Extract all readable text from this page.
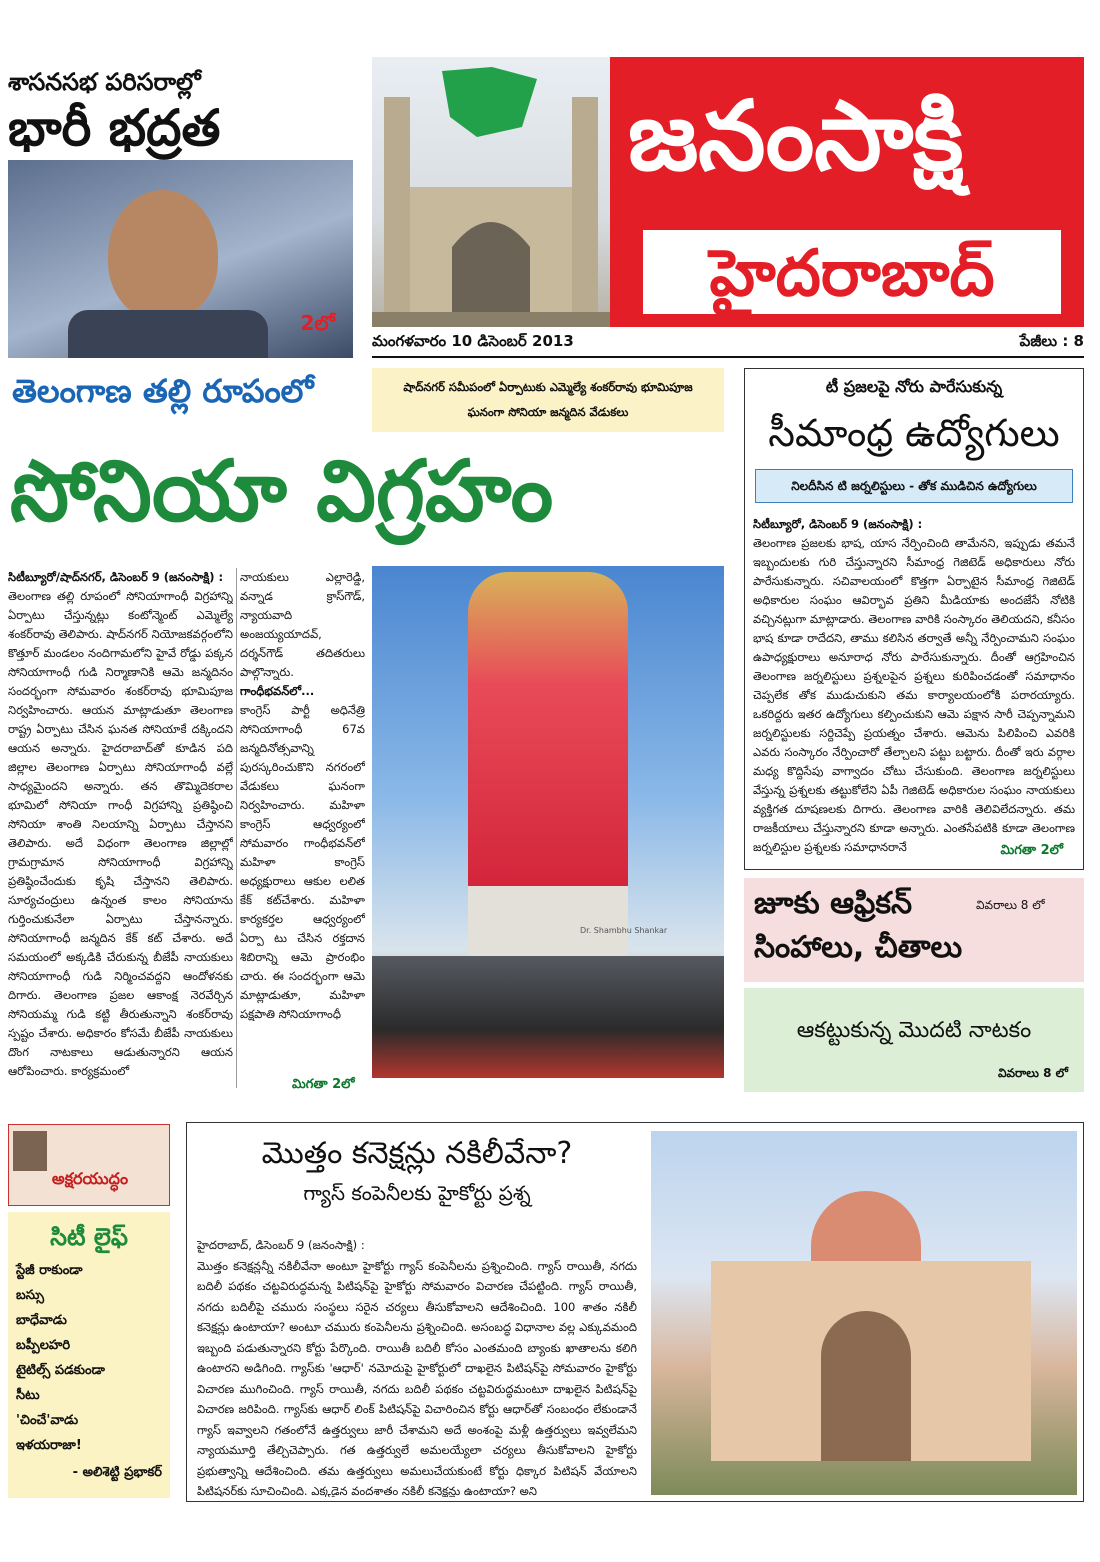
శాసనసభ పరిసరాల్లో
భారీ భద్రత
2లో
జనంసాక్షి
హైదరాబాద్
మంగళవారం 10 డిసెంబర్ 2013	పేజీలు : 8
తెలంగాణ తల్లి రూపంలో	షాద్‌నగర్ సమీపంలో ఏర్పాటుకు ఎమ్మెల్యే శంకర్‌రావు భూమిపూజ
ఘనంగా సోనియా జన్మదిన వేడుకలు
సోనియా విగ్రహం

సిటీబ్యూరో/షాద్‌నగర్, డిసెంబర్ 9 (జనంసాక్షి) :

తెలంగాణ తల్లి రూపంలో సోనియాగాంధీ విగ్రహాన్ని ఏర్పాటు చేస్తున్నట్లు కంటోన్మెంట్ ఎమ్మెల్యే శంకర్‌రావు తెలిపారు. షాద్‌నగర్ నియోజకవర్గంలోని కొత్తూర్ మండలం నందిగామలోని హైవే రోడ్డు పక్కన సోనియాగాంధీ గుడి నిర్మాణానికి ఆమె జన్మదినం సందర్భంగా సోమవారం శంకర్‌రావు భూమిపూజ నిర్వహించారు. ఆయన మాట్లాడుతూ తెలంగాణ రాష్ట్ర ఏర్పాటు చేసిన ఘనత సోనియాకే దక్కిందని ఆయన అన్నారు. హైదరాబాద్‌తో కూడిన పది జిల్లాల తెలంగాణ ఏర్పాటు సోనియాగాంధీ వల్లే సాధ్యమైందని అన్నారు. తన తొమ్మిదెకరాల భూమిలో సోనియా గాంధీ విగ్రహాన్ని ప్రతిష్ఠించి సోనియా శాంతి నిలయాన్ని ఏర్పాటు చేస్తానని తెలిపారు. అదే విధంగా తెలంగాణ జిల్లాల్లో గ్రామగ్రామాన సోనియాగాంధీ విగ్రహాన్ని ప్రతిష్ఠించేందుకు కృషి చేస్తానని తెలిపారు. సూర్యచంద్రులు ఉన్నంత కాలం సోనియాను గుర్తించుకునేలా ఏర్పాటు చేస్తానన్నారు. సోనియాగాంధీ జన్మదిన కేక్ కట్ చేశారు. అదే సమయంలో అక్కడికి చేరుకున్న బీజేపీ నాయకులు సోనియాగాంధీ గుడి నిర్మించవద్దని ఆందోళనకు దిగారు. తెలంగాణ ప్రజల ఆకాంక్ష నెరవేర్చిన సోనియమ్మ గుడి కట్టి తీరుతున్నాని శంకర్‌రావు స్పష్టం చేశారు. అధికారం కోసమే బీజేపీ నాయకులు దొంగ నాటకాలు ఆడుతున్నారని ఆయన ఆరోపించారు. కార్యక్రమంలో

నాయకులు ఎల్లారెడ్డి, వన్నాడ క్రాస్‌గౌడ్, న్యాయవాది అంజయ్యయాదవ్, దర్శన్‌గౌడ్ తదితరులు పాల్గొన్నారు.

గాంధీభవన్‌లో...

కాంగ్రెస్ పార్టీ అధినేత్రి సోనియాగాంధీ 67వ జన్మదినోత్సవాన్ని పురస్కరించుకొని నగరంలో వేడుకలు ఘనంగా నిర్వహించారు. మహిళా కాంగ్రెస్ ఆధ్వర్యంలో సోమవారం గాంధీభవన్‌లో మహిళా కాంగ్రెస్ అధ్యక్షురాలు ఆకుల లలిత కేక్ కట్‌చేశారు. మహిళా కార్యకర్తల ఆధ్వర్యంలో ఏర్పా టు చేసిన రక్తదాన శిబిరాన్ని ఆమె ప్రారంభిం చారు. ఈ సందర్భంగా ఆమె మాట్లాడుతూ, మహిళా పక్షపాతి సోనియాగాంధీ

Dr. Shambhu Shankar
మిగతా 2లో
టీ ప్రజలపై నోరు పారేసుకున్న
సీమాంధ్ర ఉద్యోగులు
నిలదీసిన టి జర్నలిస్టులు - తోక ముడిచిన ఉద్యోగులు

సిటీబ్యూరో, డిసెంబర్ 9 (జనంసాక్షి) :

తెలంగాణ ప్రజలకు భాష, యాస నేర్పించింది తామేనని, ఇప్పుడు తమనే ఇబ్బందులకు గురి చేస్తున్నారని సీమాంధ్ర గెజిటెడ్ అధికారులు నోరు పారేసుకున్నారు. సచివాలయంలో కొత్తగా ఏర్పాటైన సీమాంధ్ర గెజిటెడ్ అధికారుల సంఘం ఆవిర్భావ ప్రతిని మీడియాకు అందజేసే నోటికి వచ్చినట్లుగా మాట్లాడారు. తెలంగాణ వారికి సంస్కారం తెలియదని, కనీసం భాష కూడా రాదేదని, తాము కలిసిన తర్వాతే అన్నీ నేర్పించామని సంఘం ఉపాధ్యక్షురాలు అనూరాధ నోరు పారేసుకున్నారు. దీంతో ఆగ్రహించిన తెలంగాణ జర్నలిస్టులు ప్రశ్నలపైన ప్రశ్నలు కురిపించడంతో సమాధానం చెప్పలేక తోక ముడుచుకుని తమ కార్యాలయంలోకి పరారయ్యారు. ఒకరిద్దరు ఇతర ఉద్యోగులు కల్పించుకుని ఆమె పక్షాన సారీ చెప్పన్నామని జర్నలిస్టులకు సర్దిచెప్పే ప్రయత్నం చేశారు. ఆమెను పిలిపించి ఎవరికి ఎవరు సంస్కారం నేర్పించారో తేల్చాలని పట్టు బట్టారు. దీంతో ఇరు వర్గాల మధ్య కొద్దిసేపు వాగ్వాదం చోటు చేసుకుంది. తెలంగాణ జర్నలిస్టులు వేస్తున్న ప్రశ్నలకు తట్టుకోలేని ఏపీ గెజిటెడ్ అధికారుల సంఘం నాయకులు వ్యక్తిగత దూషణలకు దిగారు. తెలంగాణ వారికి తెలివిలేదన్నారు. తమ రాజకీయాలు చేస్తున్నారని కూడా అన్నారు. ఎంతసేపటికి కూడా తెలంగాణ జర్నలిస్టుల ప్రశ్నలకు సమాధానరానే	మిగతా 2లో
జూకు ఆఫ్రికన్	వివరాలు 8 లో
సింహాలు, చీతాలు
ఆకట్టుకున్న మొదటి నాటకం
వివరాలు 8 లో
అక్షరయుద్ధం
సిటీ లైఫ్
స్టేజీ రాకుండా
బస్సు
బాధేవాడు
బప్పీలహరి
టైటిల్స్ పడకుండా
సీటు
'చించే'వాడు
ఇళయరాజా!
- అలిశెట్టి ప్రభాకర్
మొత్తం కనెక్షన్లు నకిలీవేనా?
గ్యాస్ కంపెనీలకు హైకోర్టు ప్రశ్న

హైదరాబాద్, డిసెంబర్ 9 (జనంసాక్షి) :

మొత్తం కనెక్షన్లన్నీ నకిలీవేనా అంటూ హైకోర్టు గ్యాస్ కంపెనీలను ప్రశ్నించింది. గ్యాస్ రాయితీ, నగదు బదిలీ పథకం చట్టవిరుద్ధమన్న పిటిషన్‌పై హైకోర్టు సోమవారం విచారణ చేపట్టింది. గ్యాస్ రాయితీ, నగదు బదిలీపై చమురు సంస్థలు సరైన చర్యలు తీసుకోవాలని ఆదేశించింది. 100 శాతం నకిలీ కనెక్షన్లు ఉంటాయా? అంటూ చమురు కంపెనీలను ప్రశ్నించింది. అసంబద్ధ విధానాల వల్ల ఎక్కువమంది ఇబ్బంది పడుతున్నారని కోర్టు పేర్కొంది. రాయితీ బదిలీ కోసం ఎంతమంది బ్యాంకు ఖాతాలను కలిగి ఉంటారని అడిగింది. గ్యాస్‌కు 'ఆధార్' నమోదుపై హైకోర్టులో దాఖలైన పిటిషన్‌పై సోమవారం హైకోర్టు విచారణ ముగించింది. గ్యాస్ రాయితీ, నగదు బదిలీ పథకం చట్టవిరుద్ధమంటూ దాఖలైన పిటిషన్‌పై విచారణ జరిపింది. గ్యాస్‌కు ఆధార్ లింక్ పిటిషన్‌పై విచారించిన కోర్టు ఆధార్‌తో సంబంధం లేకుండానే గ్యాస్ ఇవ్వాలని గతంలోనే ఉత్తర్వులు జారీ చేశామని అదే అంశంపై మళ్లీ ఉత్తర్వులు ఇవ్వలేమని న్యాయమూర్తి తేల్చిచెప్పారు. గత ఉత్తర్వులే అమలయ్యేలా చర్యలు తీసుకోవాలని హైకోర్టు ప్రభుత్వాన్ని ఆదేశించింది. తమ ఉత్తర్వులు అమలుచేయకుంటే కోర్టు ధిక్కార పిటిషన్ వేయాలని పిటిషనర్‌కు సూచించింది. ఎక్కడైన వందశాతం నకిలీ కనెక్షన్లు ఉంటాయా? అని
